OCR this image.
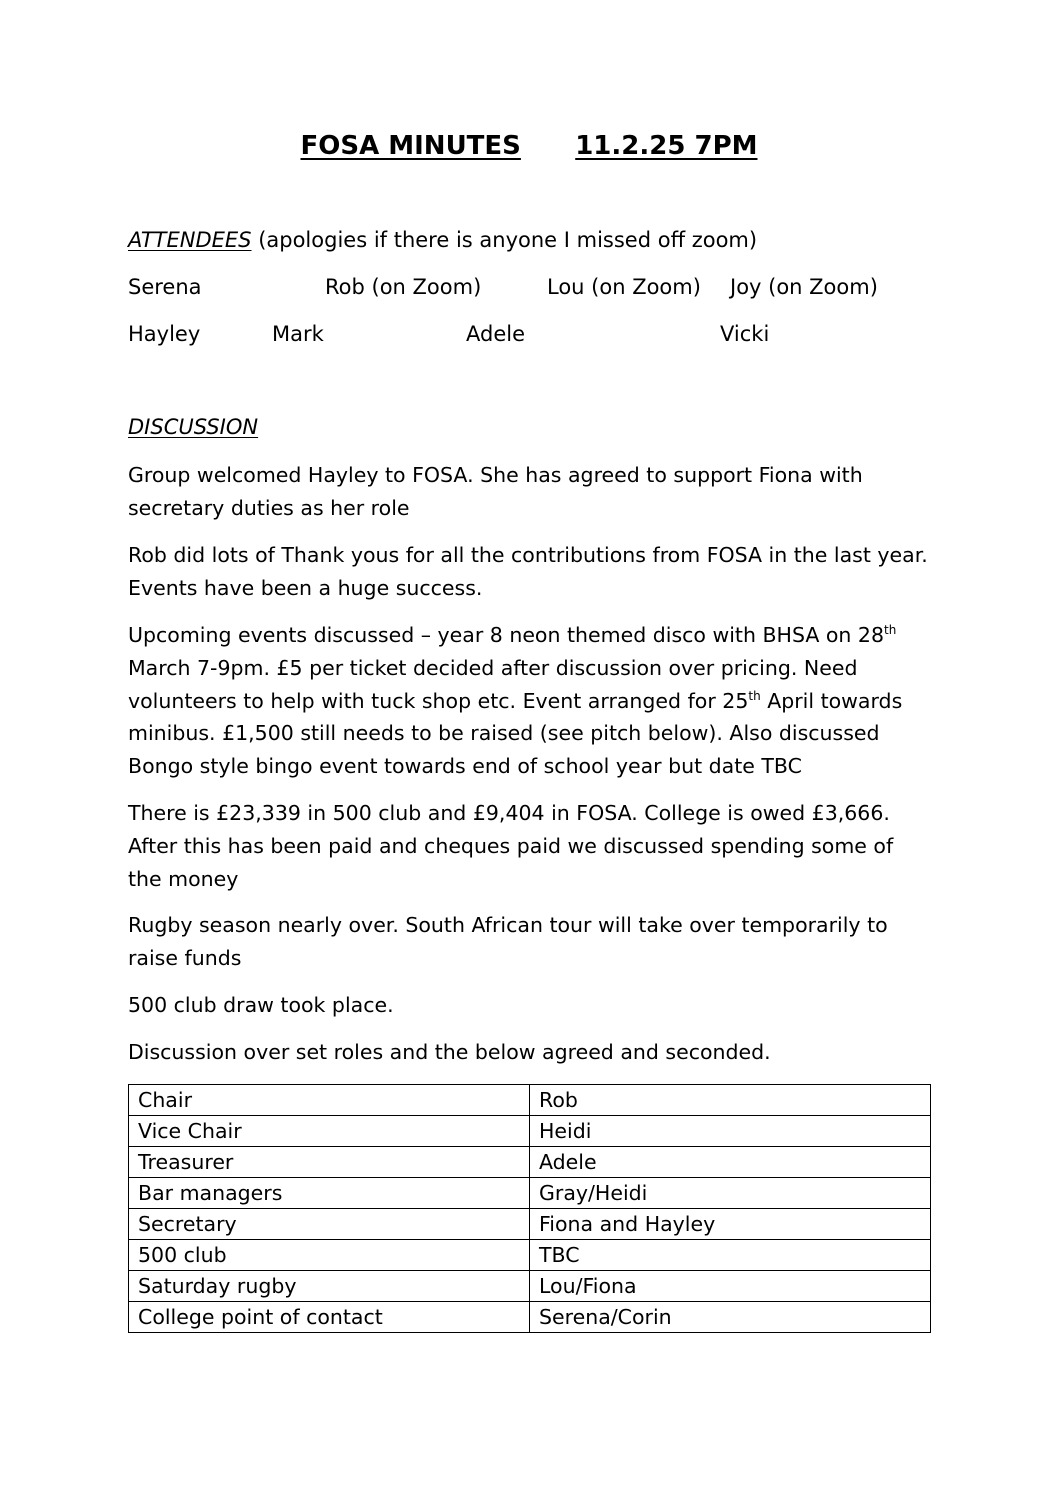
FOSA MINUTES 11.2.25 7PM
ATTENDEES (apologies if there is anyone I missed off zoom)
Serena	Rob (on Zoom)	Lou (on Zoom) Joy (on Zoom)
Hayley	Mark	Adele	Vicki
DISCUSSION
Group welcomed Hayley to FOSA. She has agreed to support Fiona with secretary duties as her role
Rob did lots of Thank yous for all the contributions from FOSA in the last year. Events have been a huge success.
Upcoming events discussed – year 8 neon themed disco with BHSA on 28th March 7-9pm. £5 per ticket decided after discussion over pricing. Need volunteers to help with tuck shop etc. Event arranged for 25th April towards minibus. £1,500 still needs to be raised (see pitch below). Also discussed Bongo style bingo event towards end of school year but date TBC
There is £23,339 in 500 club and £9,404 in FOSA. College is owed £3,666. After this has been paid and cheques paid we discussed spending some of the money
Rugby season nearly over. South African tour will take over temporarily to raise funds
500 club draw took place.
Discussion over set roles and the below agreed and seconded.
Chair	Rob
Vice Chair	Heidi
Treasurer	Adele
Bar managers	Gray/Heidi
Secretary	Fiona and Hayley
500 club	TBC
Saturday rugby	Lou/Fiona
College point of contact	Serena/Corin
